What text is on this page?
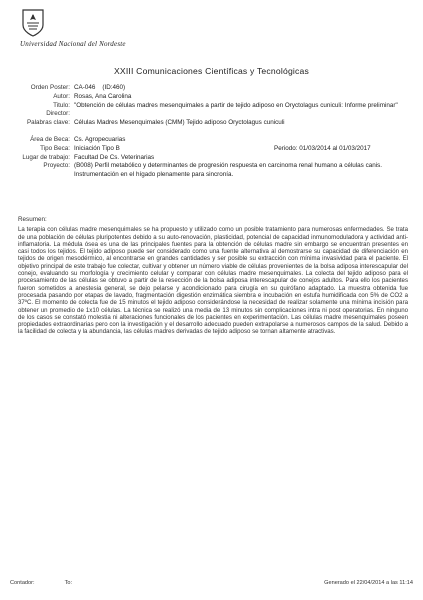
Universidad Nacional del Nordeste
XXIII Comunicaciones Científicas y Tecnológicas
Orden Poster: CA-046 (ID:460)
Autor: Rosas, Ana Carolina
Titulo: "Obtención de células madres mesenquimales a partir de tejido adiposo en Oryctolagus cuniculi: Informe preliminar"
Director:
Palabras clave: Células Madres Mesenquimales (CMM) Tejido adiposo Oryctolagus cuniculi
Área de Beca: Cs. Agropecuarias
Tipo Beca: Iniciación Tipo B	Periodo: 01/03/2014 al 01/03/2017
Lugar de trabajo: Facultad De Cs. Veterinarias
Proyecto: (B008) Perfil metabólico y determinantes de progresión respuesta en carcinoma renal humano a células canis. Instrumentación en el hígado plenamente para sincronía.
Resumen:
La terapia con células madre mesenquimales se ha propuesto y utilizado como un posible tratamiento para numerosas enfermedades. Se trata de una población de células pluripotentes debido a su auto-renovación, plasticidad, potencial de capacidad inmunomoduladora y actividad anti-inflamatoria. La médula ósea es una de las principales fuentes para la obtención de células madre sin embargo se encuentran presentes en casi todos los tejidos. El tejido adiposo puede ser considerado como una fuente alternativa al demostrarse su capacidad de diferenciación en tejidos de origen mesodérmico, al encontrarse en grandes cantidades y ser posible su extracción con mínima invasividad para el paciente. El objetivo principal de este trabajo fue colectar, cultivar y obtener un número viable de células provenientes de la bolsa adiposa interescapular del conejo, evaluando su morfología y crecimiento celular y comparar con células madre mesenquimales. La colecta del tejido adiposo para el procesamiento de las células se obtuvo a partir de la resección de la bolsa adiposa interescapular de conejos adultos. Para ello los pacientes fueron sometidos a anestesia general, se dejo pelarse y acondicionado para cirugía en su quirófano adaptado. La muestra obtenida fue procesada pasando por etapas de lavado, fragmentación digestión enzimática siembra e incubación en estufa humidificada con 5% de CO2 a 37ºC. El momento de colecta fue de 15 minutos el tejido adiposo considerándose la necesidad de realizar solamente una mínima incisión para obtener un promedio de 1x10 células. La técnica se realizó una media de 13 minutos sin complicaciones intra ni post operatorias. En ninguno de los casos se constató molestia ni alteraciones funcionales de los pacientes en experimentación. Las células madre mesenquimales poseen propiedades extraordinarias pero con la investigación y el desarrollo adecuado pueden extrapolarse a numerosos campos de la salud. Debido a la facilidad de colecta y la abundancia, las células madres derivadas de tejido adiposo se tornan altamente atractivas.
Contador:	To:	Generado el 22/04/2014 a las 11:14
